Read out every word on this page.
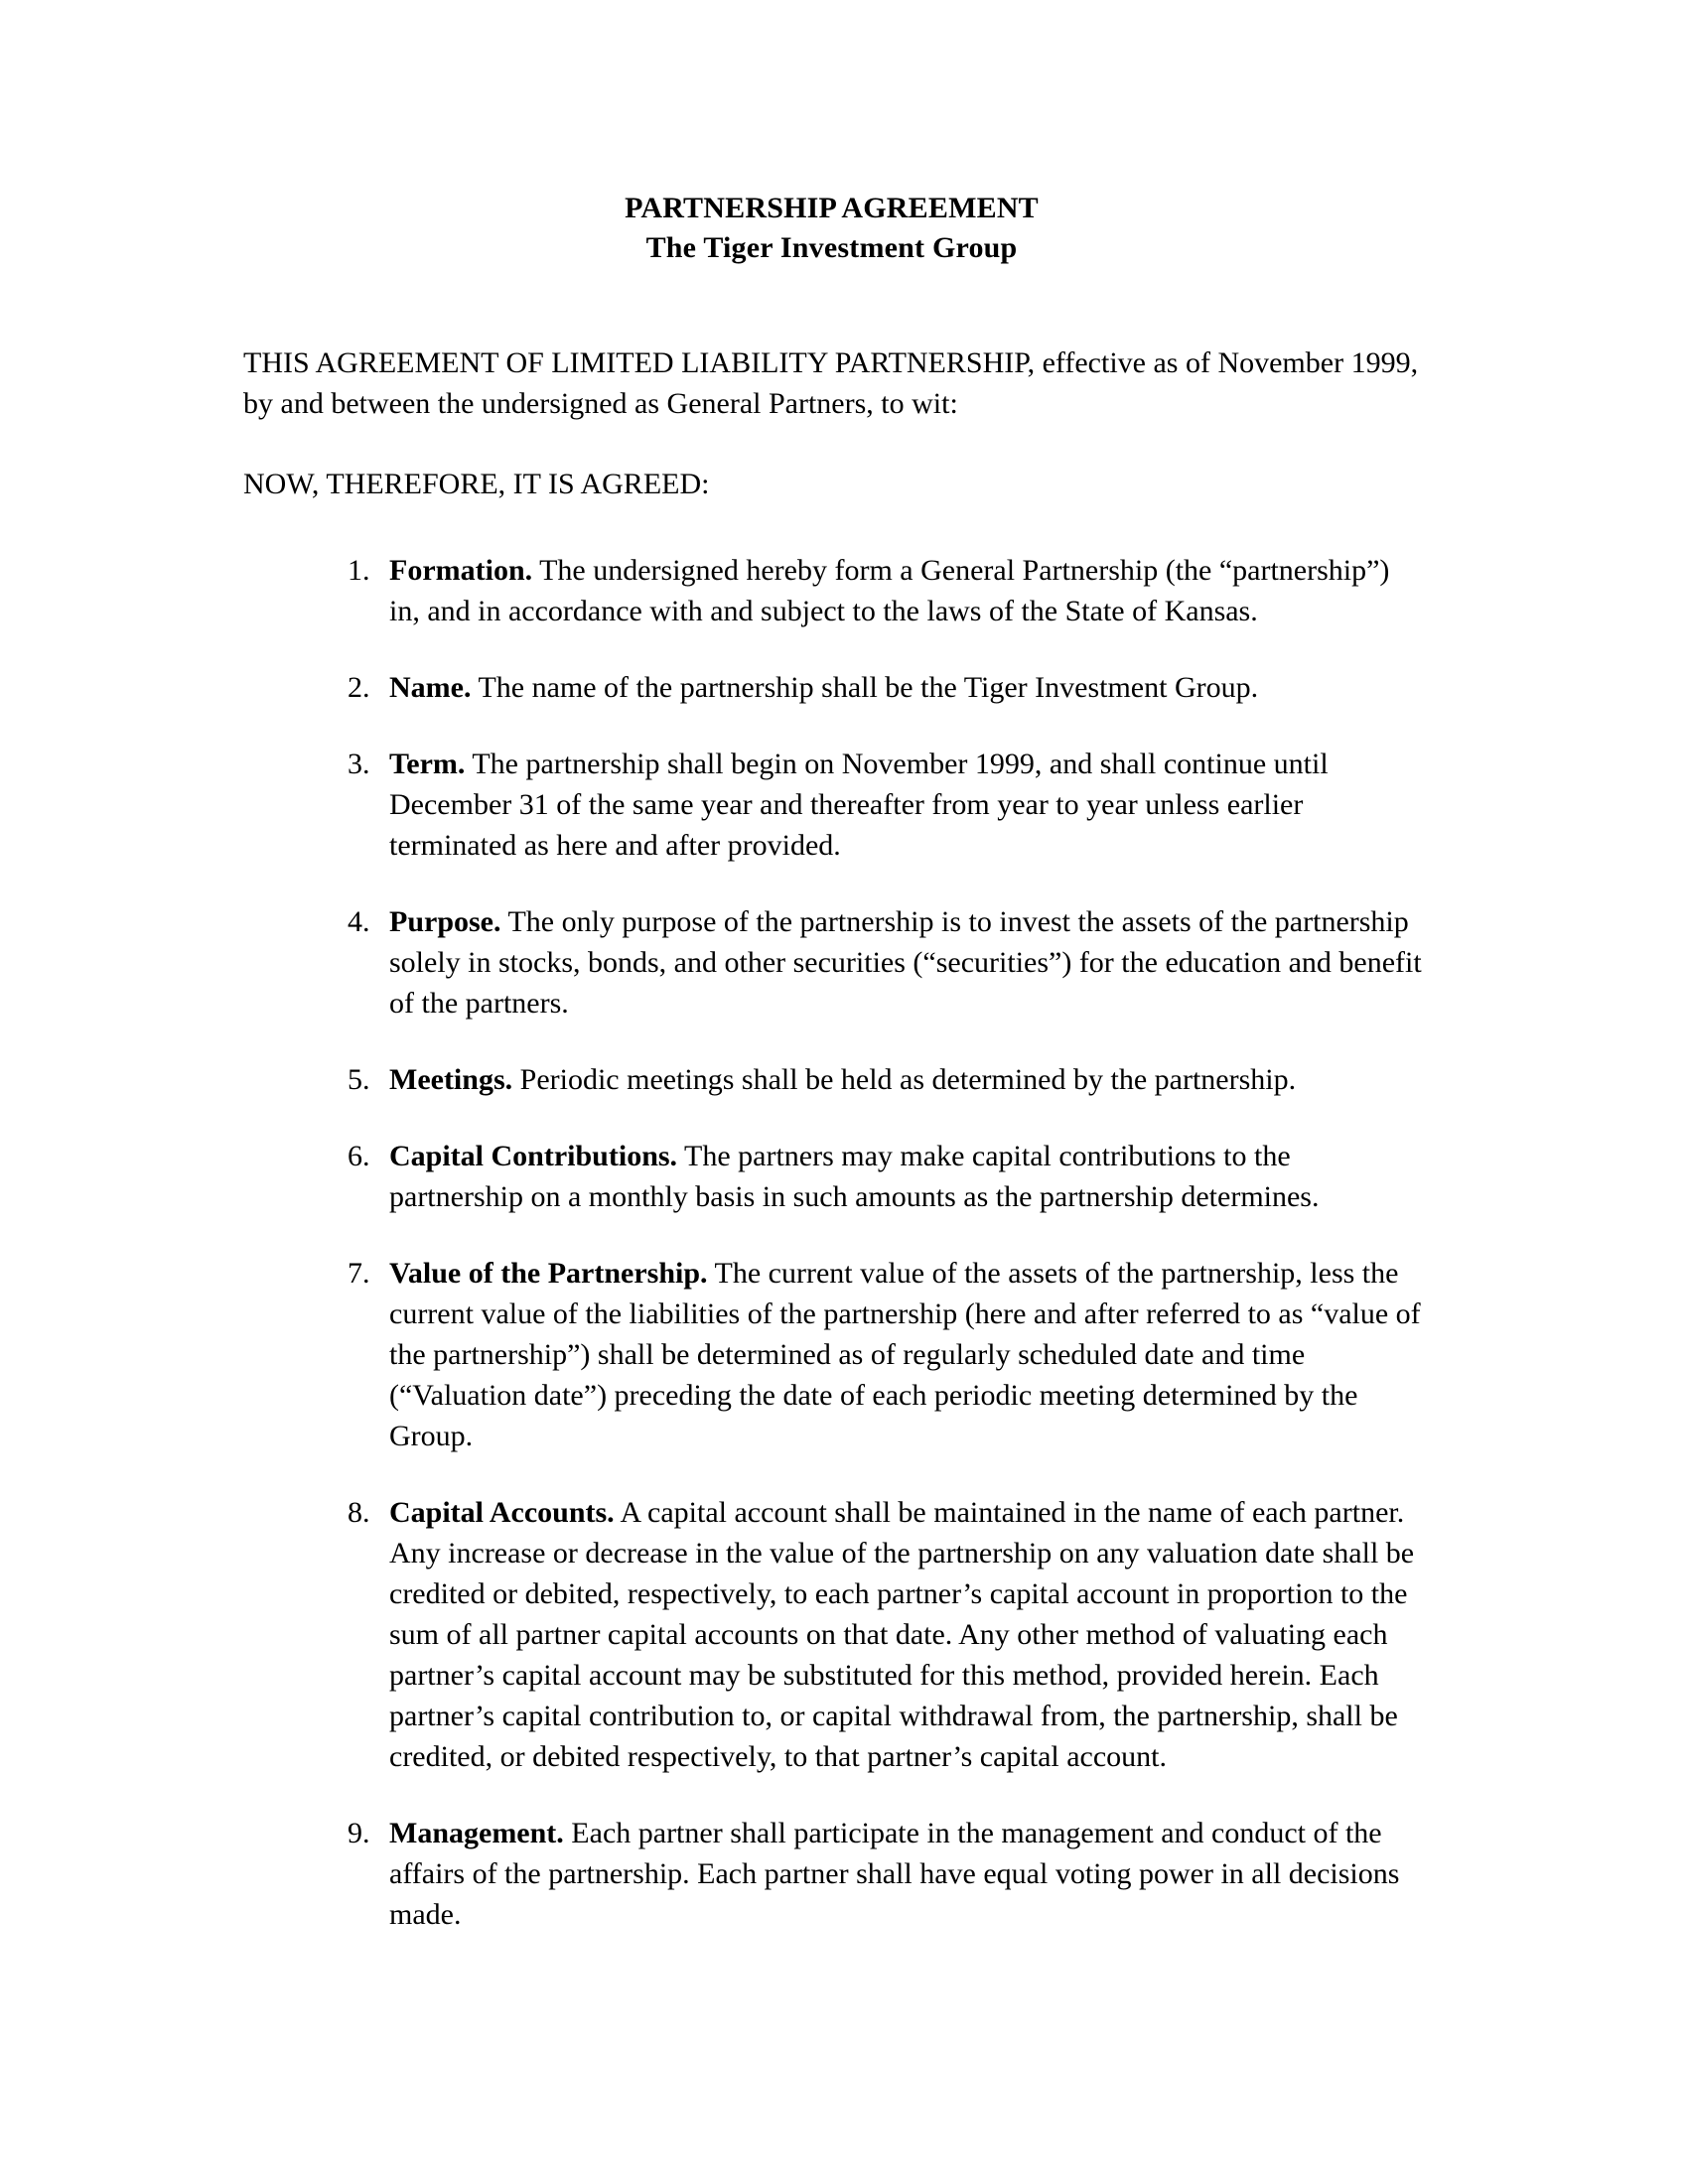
PARTNERSHIP AGREEMENT
The Tiger Investment Group

THIS AGREEMENT OF LIMITED LIABILITY PARTNERSHIP, effective as of November 1999, by and between the undersigned as General Partners, to wit:

NOW, THEREFORE, IT IS AGREED:

1. Formation. The undersigned hereby form a General Partnership (the “partnership”) in, and in accordance with and subject to the laws of the State of Kansas.
2. Name. The name of the partnership shall be the Tiger Investment Group.
3. Term. The partnership shall begin on November 1999, and shall continue until December 31 of the same year and thereafter from year to year unless earlier terminated as here and after provided.
4. Purpose. The only purpose of the partnership is to invest the assets of the partnership solely in stocks, bonds, and other securities (“securities”) for the education and benefit of the partners.
5. Meetings. Periodic meetings shall be held as determined by the partnership.
6. Capital Contributions. The partners may make capital contributions to the partnership on a monthly basis in such amounts as the partnership determines.
7. Value of the Partnership. The current value of the assets of the partnership, less the current value of the liabilities of the partnership (here and after referred to as “value of the partnership”) shall be determined as of regularly scheduled date and time (“Valuation date”) preceding the date of each periodic meeting determined by the Group.
8. Capital Accounts. A capital account shall be maintained in the name of each partner. Any increase or decrease in the value of the partnership on any valuation date shall be credited or debited, respectively, to each partner’s capital account in proportion to the sum of all partner capital accounts on that date. Any other method of valuating each partner’s capital account may be substituted for this method, provided herein. Each partner’s capital contribution to, or capital withdrawal from, the partnership, shall be credited, or debited respectively, to that partner’s capital account.
9. Management. Each partner shall participate in the management and conduct of the affairs of the partnership. Each partner shall have equal voting power in all decisions made.
